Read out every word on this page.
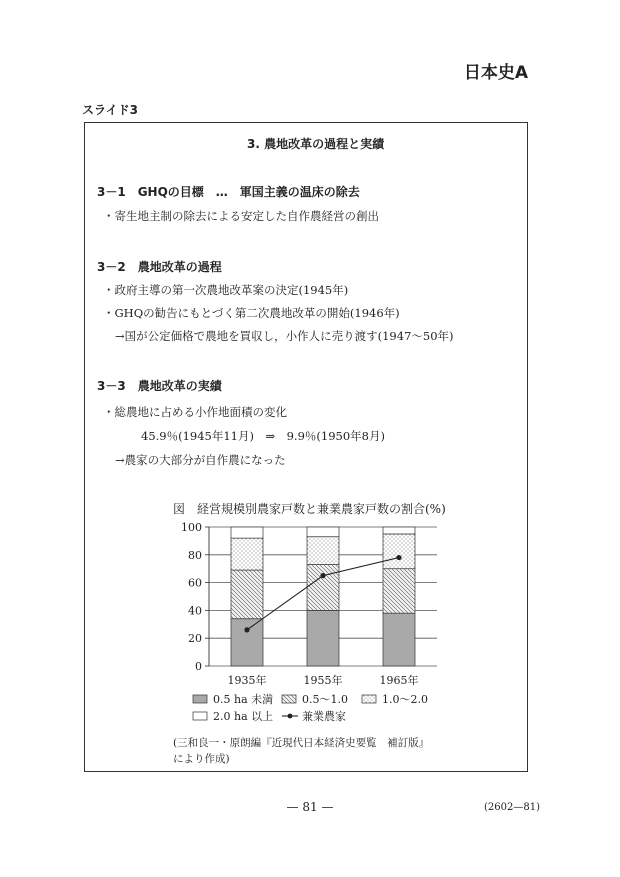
日本史A
スライド3
3. 農地改革の過程と実績
3－1　GHQの目標　…　軍国主義の温床の除去
・寄生地主制の除去による安定した自作農経営の創出
3－2　農地改革の過程
・政府主導の第一次農地改革案の決定(1945年)
・GHQの勧告にもとづく第二次農地改革の開始(1946年)
→国が公定価格で農地を買収し，小作人に売り渡す(1947～50年)
3－3　農地改革の実績
・総農地に占める小作地面積の変化
45.9％(1945年11月)　⇒　9.9％(1950年8月)
→農家の大部分が自作農になった
図　経営規模別農家戸数と兼業農家戸数の割合(%)
0
20
40
60
80
100
1935年	1955年	1965年
0.5 ha 未満	0.5～1.0	1.0～2.0
2.0 ha 以上	兼業農家
(三和良一・原朗編『近現代日本経済史要覧　補訂版』
により作成)
— 81 —	(2602—81)
